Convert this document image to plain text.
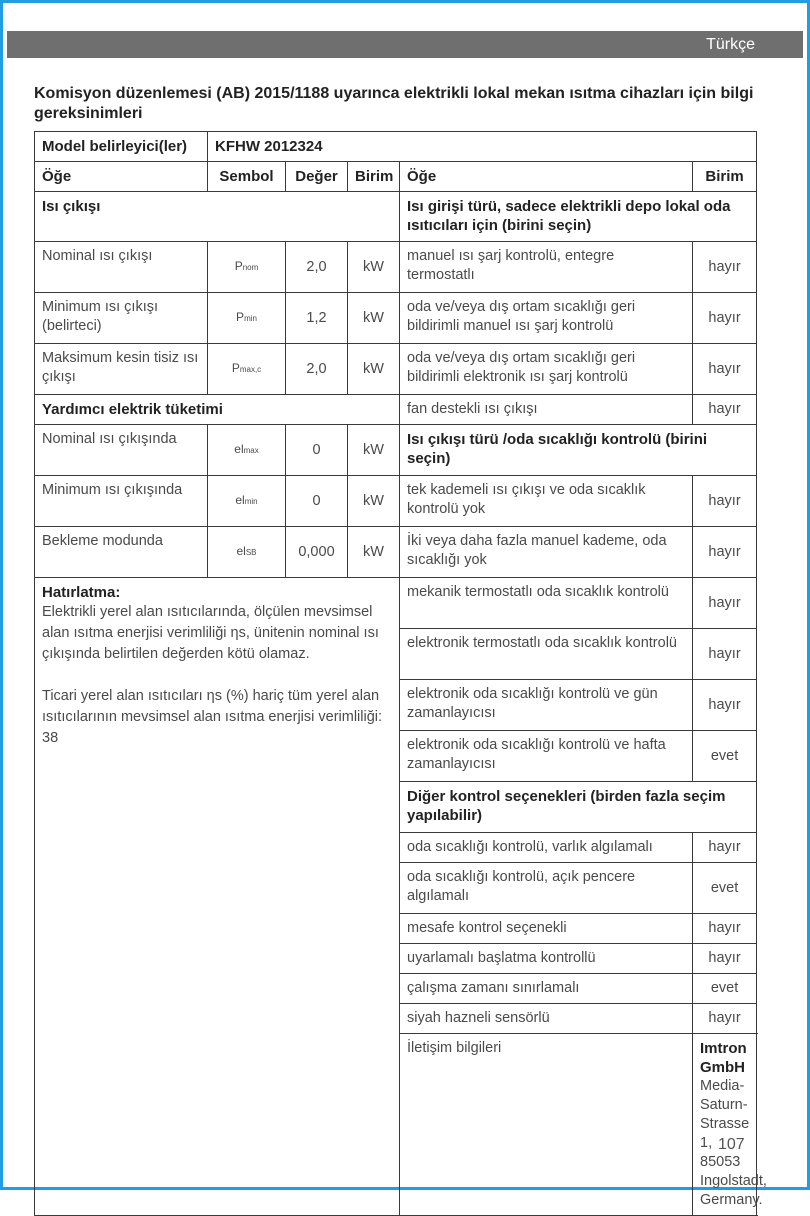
Türkçe
Komisyon düzenlemesi (AB) 2015/1188 uyarınca elektrikli lokal mekan ısıtma cihazları için bilgi gereksinimleri
Model belirleyici(ler)	KFHW 2012324				
Öğe	Sembol	Değer	Birim	Öğe	Birim
Isı çıkışı				Isı girişi türü, sadece elektrikli depo lokal oda ısıtıcıları için (birini seçin)	
Nominal ısı çıkışı	Pnom	2,0	kW	manuel ısı şarj kontrolü, entegre termostatlı	hayır
Minimum ısı çıkışı (belirteci)	Pmin	1,2	kW	oda ve/veya dış ortam sıcaklığı geri bildirimli manuel ısı şarj kontrolü	hayır
Maksimum kesin tisiz ısı çıkışı	Pmax,c	2,0	kW	oda ve/veya dış ortam sıcaklığı geri bildirimli elektronik ısı şarj kontrolü	hayır
Yardımcı elektrik tüketimi				fan destekli ısı çıkışı	hayır
Nominal ısı çıkışında	elmax	0	kW	Isı çıkışı türü /oda sıcaklığı kontrolü (birini seçin)	
Minimum ısı çıkışında	elmin	0	kW	tek kademeli ısı çıkışı ve oda sıcaklık kontrolü yok	hayır
Bekleme modunda	elSB	0,000	kW	İki veya daha fazla manuel kademe, oda sıcaklığı yok	hayır

Hatırlatma:
Elektrikli yerel alan ısıtıcılarında, ölçülen mevsimsel alan ısıtma enerjisi verimliliği ηs, ünitenin nominal ısı çıkışında belirtilen değerden kötü olamaz.
Ticari yerel alan ısıtıcıları ηs (%) hariç tüm yerel alan ısıtıcılarının mevsimsel alan ısıtma enerjisi verimliliği: 38				mekanik termostatlı oda sıcaklık kontrolü	hayır
				elektronik termostatlı oda sıcaklık kontrolü	hayır
				elektronik oda sıcaklığı kontrolü ve gün zamanlayıcısı	hayır
				elektronik oda sıcaklığı kontrolü ve hafta zamanlayıcısı	evet
				Diğer kontrol seçenekleri (birden fazla seçim yapılabilir)	
				oda sıcaklığı kontrolü, varlık algılamalı	hayır
				oda sıcaklığı kontrolü, açık pencere algılamalı	evet
				mesafe kontrol seçenekli	hayır
				uyarlamalı başlatma kontrollü	hayır
				çalışma zamanı sınırlamalı	evet
				siyah hazneli sensörlü	hayır
				İletişim bilgileri	Imtron GmbH
Media-Saturn-Strasse 1, 85053 Ingolstadt, Germany.
107
